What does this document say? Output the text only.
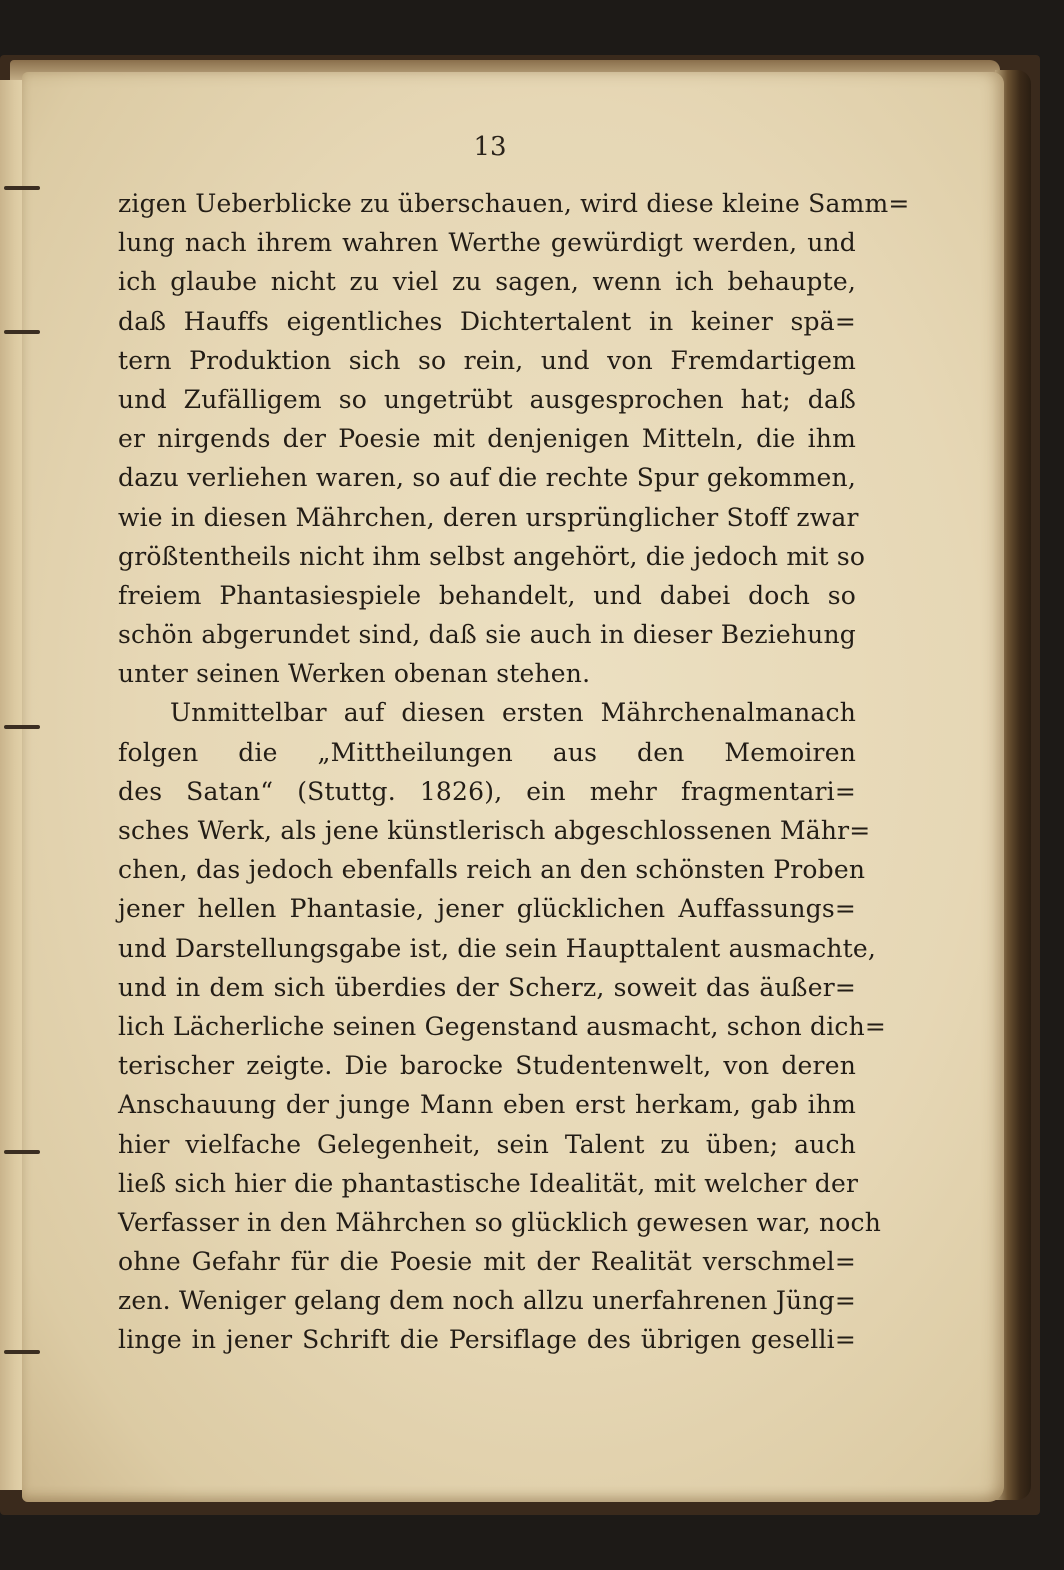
13
zigen Ueberblicke zu überschauen, wird diese kleine Samm=
lung nach ihrem wahren Werthe gewürdigt werden, und
ich glaube nicht zu viel zu sagen, wenn ich behaupte,
daß Hauffs eigentliches Dichtertalent in keiner spä=
tern Produktion sich so rein, und von Fremdartigem
und Zufälligem so ungetrübt ausgesprochen hat; daß
er nirgends der Poesie mit denjenigen Mitteln, die ihm
dazu verliehen waren, so auf die rechte Spur gekommen,
wie in diesen Mährchen, deren ursprünglicher Stoff zwar
größtentheils nicht ihm selbst angehört, die jedoch mit so
freiem Phantasiespiele behandelt, und dabei doch so
schön abgerundet sind, daß sie auch in dieser Beziehung
unter seinen Werken obenan stehen.
Unmittelbar auf diesen ersten Mährchenalmanach
folgen die „Mittheilungen aus den Memoiren
des Satan“ (Stuttg. 1826), ein mehr fragmentari=
sches Werk, als jene künstlerisch abgeschlossenen Mähr=
chen, das jedoch ebenfalls reich an den schönsten Proben
jener hellen Phantasie, jener glücklichen Auffassungs=
und Darstellungsgabe ist, die sein Haupttalent ausmachte,
und in dem sich überdies der Scherz, soweit das äußer=
lich Lächerliche seinen Gegenstand ausmacht, schon dich=
terischer zeigte. Die barocke Studentenwelt, von deren
Anschauung der junge Mann eben erst herkam, gab ihm
hier vielfache Gelegenheit, sein Talent zu üben; auch
ließ sich hier die phantastische Idealität, mit welcher der
Verfasser in den Mährchen so glücklich gewesen war, noch
ohne Gefahr für die Poesie mit der Realität verschmel=
zen. Weniger gelang dem noch allzu unerfahrenen Jüng=
linge in jener Schrift die Persiflage des übrigen geselli=
